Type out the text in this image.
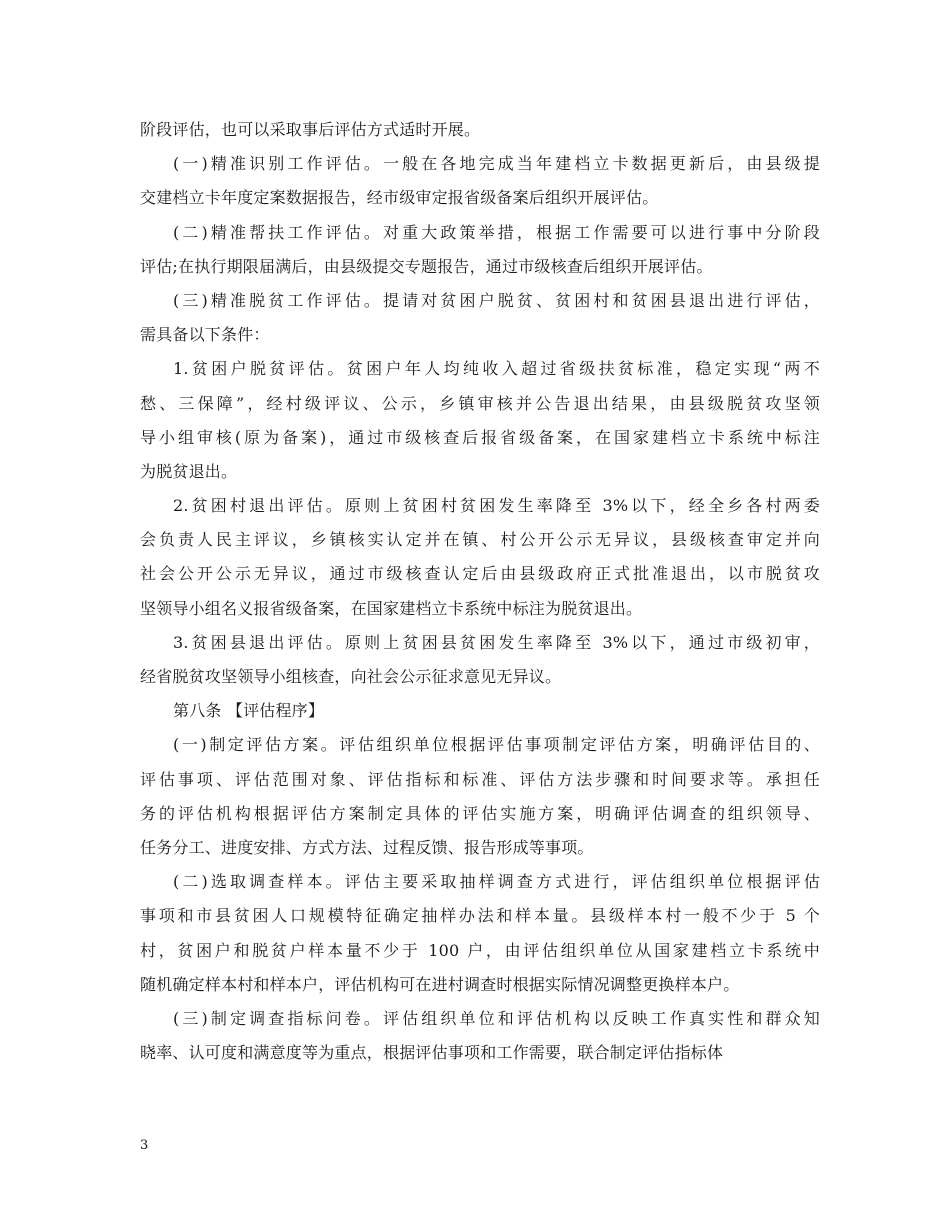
阶段评估，也可以采取事后评估方式适时开展。
(一)精准识别工作评估。一般在各地完成当年建档立卡数据更新后，由县级提
交建档立卡年度定案数据报告，经市级审定报省级备案后组织开展评估。
(二)精准帮扶工作评估。对重大政策举措，根据工作需要可以进行事中分阶段
评估;在执行期限届满后，由县级提交专题报告，通过市级核查后组织开展评估。
(三)精准脱贫工作评估。提请对贫困户脱贫、贫困村和贫困县退出进行评估，
需具备以下条件：
1.贫困户脱贫评估。贫困户年人均纯收入超过省级扶贫标准，稳定实现“两不
愁、三保障”，经村级评议、公示，乡镇审核并公告退出结果，由县级脱贫攻坚领
导小组审核(原为备案)，通过市级核查后报省级备案，在国家建档立卡系统中标注
为脱贫退出。
2.贫困村退出评估。原则上贫困村贫困发生率降至 3%以下，经全乡各村两委
会负责人民主评议，乡镇核实认定并在镇、村公开公示无异议，县级核查审定并向
社会公开公示无异议，通过市级核查认定后由县级政府正式批准退出，以市脱贫攻
坚领导小组名义报省级备案，在国家建档立卡系统中标注为脱贫退出。
3.贫困县退出评估。原则上贫困县贫困发生率降至 3%以下，通过市级初审，
经省脱贫攻坚领导小组核查，向社会公示征求意见无异议。
第八条 【评估程序】
(一)制定评估方案。评估组织单位根据评估事项制定评估方案，明确评估目的、
评估事项、评估范围对象、评估指标和标准、评估方法步骤和时间要求等。承担任
务的评估机构根据评估方案制定具体的评估实施方案，明确评估调查的组织领导、
任务分工、进度安排、方式方法、过程反馈、报告形成等事项。
(二)选取调查样本。评估主要采取抽样调查方式进行，评估组织单位根据评估
事项和市县贫困人口规模特征确定抽样办法和样本量。县级样本村一般不少于 5 个
村，贫困户和脱贫户样本量不少于 100 户，由评估组织单位从国家建档立卡系统中
随机确定样本村和样本户，评估机构可在进村调查时根据实际情况调整更换样本户。
(三)制定调查指标问卷。评估组织单位和评估机构以反映工作真实性和群众知
晓率、认可度和满意度等为重点，根据评估事项和工作需要，联合制定评估指标体
3
